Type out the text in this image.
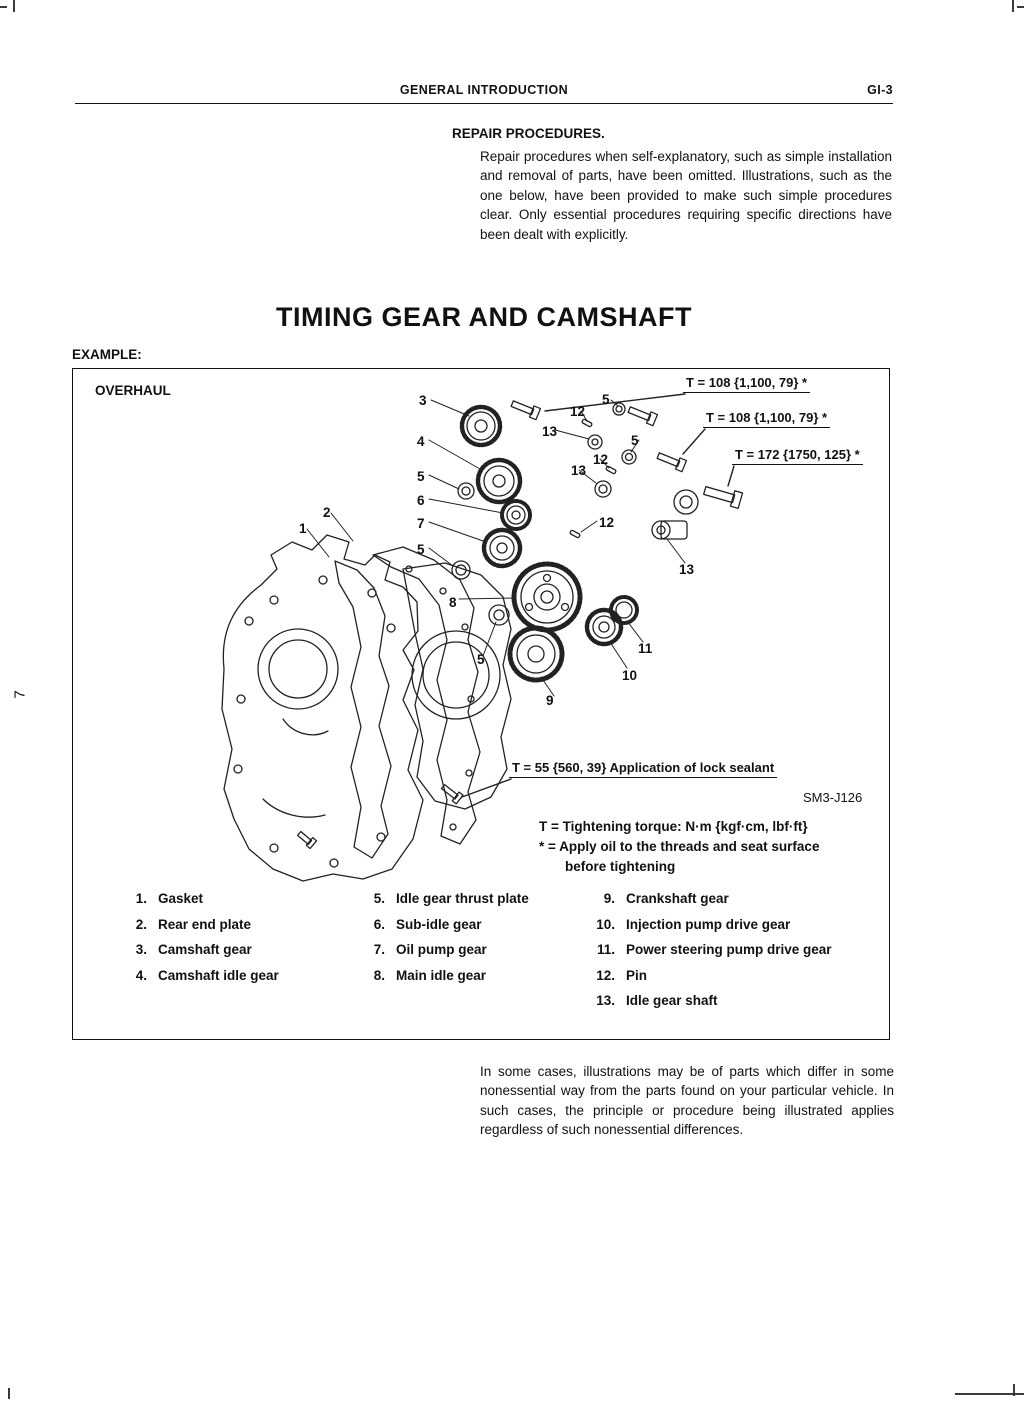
GENERAL INTRODUCTION	GI-3
REPAIR PROCEDURES.
Repair procedures when self-explanatory, such as simple installation and removal of parts, have been omitted. Illustrations, such as the one below, have been provided to make such simple procedures clear. Only essential procedures requiring specific directions have been dealt with explicitly.
TIMING GEAR AND CAMSHAFT
EXAMPLE:
OVERHAUL
T = 108 {1,100, 79} *
T = 108 {1,100, 79} *
T = 172 {1750, 125} *
T = 55 {560, 39} Application of lock sealant
SM3-J126
T = Tightening torque: N·m {kgf·cm, lbf·ft}
* = Apply oil to the threads and seat surface
before tightening
3
12
5
13
4	5
12
13
5
6
7
2
1	12
5
13
8
5
11
10
9
1. Gasket
2. Rear end plate
3. Camshaft gear
4. Camshaft idle gear
5. Idle gear thrust plate
6. Sub-idle gear
7. Oil pump gear
8. Main idle gear
9. Crankshaft gear
10. Injection pump drive gear
11. Power steering pump drive gear
12. Pin
13. Idle gear shaft
In some cases, illustrations may be of parts which differ in some nonessential way from the parts found on your particular vehicle. In such cases, the principle or procedure being illustrated applies regardless of such nonessential differences.
7
